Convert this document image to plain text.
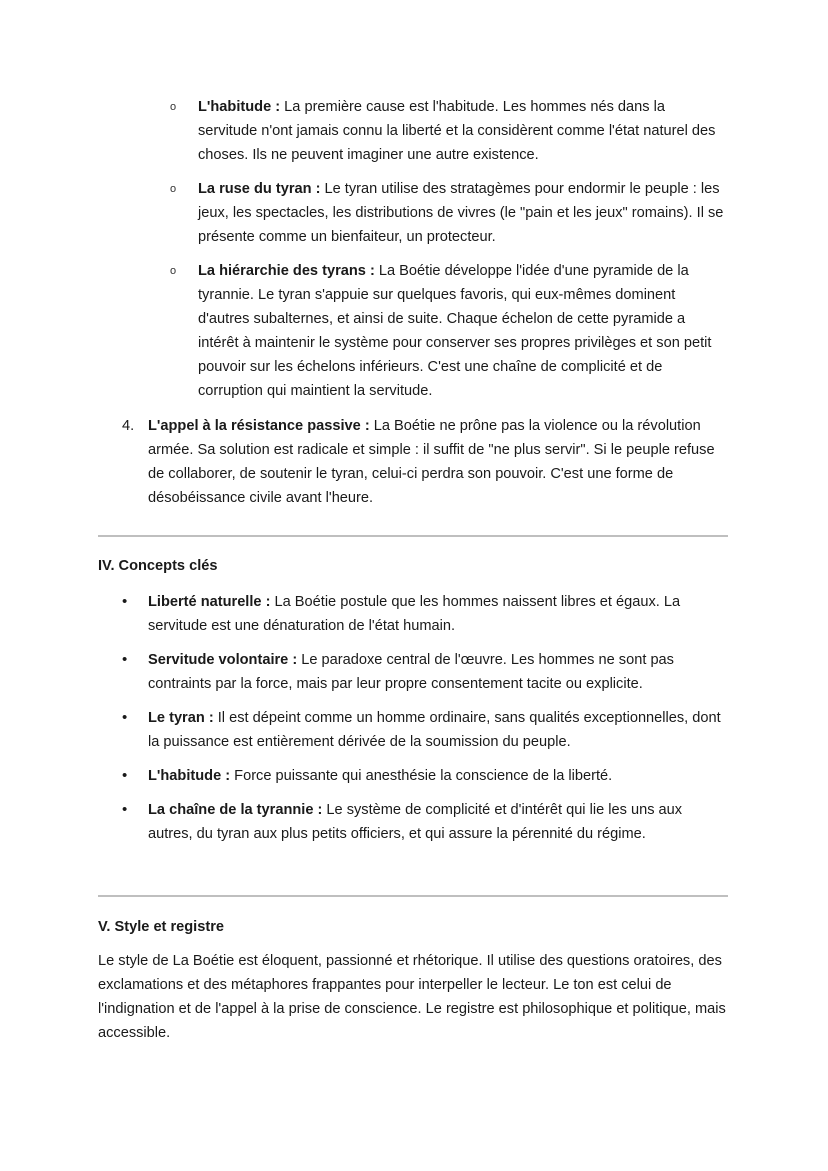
o L'habitude : La première cause est l'habitude. Les hommes nés dans la servitude n'ont jamais connu la liberté et la considèrent comme l'état naturel des choses. Ils ne peuvent imaginer une autre existence.
o La ruse du tyran : Le tyran utilise des stratagèmes pour endormir le peuple : les jeux, les spectacles, les distributions de vivres (le "pain et les jeux" romains). Il se présente comme un bienfaiteur, un protecteur.
o La hiérarchie des tyrans : La Boétie développe l'idée d'une pyramide de la tyrannie. Le tyran s'appuie sur quelques favoris, qui eux-mêmes dominent d'autres subalternes, et ainsi de suite. Chaque échelon de cette pyramide a intérêt à maintenir le système pour conserver ses propres privilèges et son petit pouvoir sur les échelons inférieurs. C'est une chaîne de complicité et de corruption qui maintient la servitude.
4. L'appel à la résistance passive : La Boétie ne prône pas la violence ou la révolution armée. Sa solution est radicale et simple : il suffit de "ne plus servir". Si le peuple refuse de collaborer, de soutenir le tyran, celui-ci perdra son pouvoir. C'est une forme de désobéissance civile avant l'heure.
IV. Concepts clés
• Liberté naturelle : La Boétie postule que les hommes naissent libres et égaux. La servitude est une dénaturation de l'état humain.
• Servitude volontaire : Le paradoxe central de l'œuvre. Les hommes ne sont pas contraints par la force, mais par leur propre consentement tacite ou explicite.
• Le tyran : Il est dépeint comme un homme ordinaire, sans qualités exceptionnelles, dont la puissance est entièrement dérivée de la soumission du peuple.
• L'habitude : Force puissante qui anesthésie la conscience de la liberté.
• La chaîne de la tyrannie : Le système de complicité et d'intérêt qui lie les uns aux autres, du tyran aux plus petits officiers, et qui assure la pérennité du régime.
V. Style et registre
Le style de La Boétie est éloquent, passionné et rhétorique. Il utilise des questions oratoires, des exclamations et des métaphores frappantes pour interpeller le lecteur. Le ton est celui de l'indignation et de l'appel à la prise de conscience. Le registre est philosophique et politique, mais accessible.
